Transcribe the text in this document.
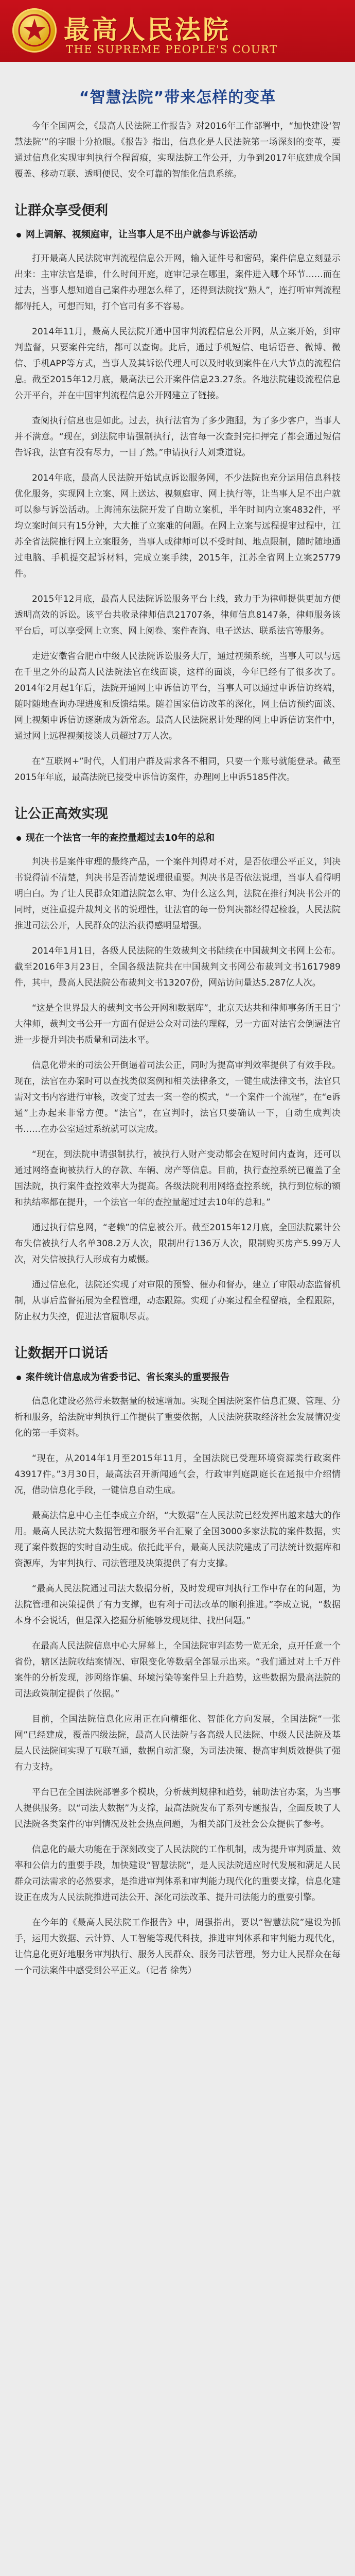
最高人民法院
THE SUPREME PEOPLE'S COURT
“智慧法院”带来怎样的变革

今年全国两会，《最高人民法院工作报告》对2016年工作部署中，“加快建设‘智慧法院’”的字眼十分抢眼。《报告》指出，信息化是人民法院第一场深刻的变革，要通过信息化实现审判执行全程留痕，实现法院工作公开，力争到2017年底建成全国覆盖、移动互联、透明便民、安全可靠的智能化信息系统。

让群众享受便利
网上调解、视频庭审，让当事人足不出户就参与诉讼活动

打开最高人民法院审判流程信息公开网，输入证件号和密码，案件信息立刻显示出来：主审法官是谁，什么时间开庭，庭审记录在哪里，案件进入哪个环节……而在过去，当事人想知道自己案件办理怎么样了，还得到法院找“熟人”，连打听审判流程都得托人，可想而知，打个官司有多不容易。

2014年11月，最高人民法院开通中国审判流程信息公开网，从立案开始，到审判监督，只要案件完结，都可以查询。此后，通过手机短信、电话语音、微博、微信、手机APP等方式，当事人及其诉讼代理人可以及时收到案件在八大节点的流程信息。截至2015年12月底，最高法已公开案件信息23.27条。各地法院建设流程信息公开平台，并在中国审判流程信息公开网建立了链接。

查阅执行信息也是如此。过去，执行法官为了多少跑腿，为了多少客户，当事人并不满意。“现在，到法院申请强制执行，法官每一次查封完扣押完了都会通过短信告诉我，法官有没有尽力，一目了然。”申请执行人刘秉道说。

2014年底，最高人民法院开始试点诉讼服务网，不少法院也充分运用信息科技优化服务，实现网上立案、网上送达、视频庭审、网上执行等，让当事人足不出户就可以参与诉讼活动。上海浦东法院开发了自助立案机，半年时间内立案4832件，平均立案时间只有15分钟，大大推了立案难的问题。在网上立案与远程提审过程中，江苏全省法院推行网上立案服务，当事人或律师可以不受时间、地点限制，随时随地通过电脑、手机提交起诉材料，完成立案手续，2015年，江苏全省网上立案25779件。

2015年12月底，最高人民法院诉讼服务平台上线，致力于为律师提供更加方便透明高效的诉讼。该平台共收录律师信息21707条，律师信息8147条，律师服务该平台后，可以享受网上立案、网上阅卷、案件查询、电子送达、联系法官等服务。

走进安徽省合肥市中级人民法院诉讼服务大厅，通过视频系统，当事人可以与远在千里之外的最高人民法院法官在线面谈，这样的面谈，今年已经有了很多次了。2014年2月起1年后，法院开通网上申诉信访平台，当事人可以通过申诉信访终端，随时随地查询办理进度和反馈结果。随着国家信访改革的深化，网上信访预约面谈、网上视频申诉信访逐渐成为新常态。最高人民法院累计处理的网上申诉信访案件中，通过网上远程视频接谈人员超过7万人次。

在“互联网+”时代，人们用户群及需求各不相同，只要一个账号就能登录。截至2015年年底，最高法院已接受申诉信访案件，办理网上申诉5185件次。

让公正高效实现
现在一个法官一年的查控量超过去10年的总和

判决书是案件审理的最终产品，一个案件判得对不对，是否依理公平正义，判决书说得清不清楚，判决书是否清楚说理很重要。判决书是否依法说理，当事人看得明明白白。为了让人民群众知道法院怎么审、为什么这么判，法院在推行判决书公开的同时，更注重提升裁判文书的说理性，让法官的每一份判决都经得起检验，人民法院推进司法公开，人民群众的法治获得感明显增强。

2014年1月1日，各级人民法院的生效裁判文书陆续在中国裁判文书网上公布。截至2016年3月23日，全国各级法院共在中国裁判文书网公布裁判文书1617989件，其中，最高人民法院公布裁判文书13207份，网站访问量达5.287亿人次。

“这是全世界最大的裁判文书公开网和数据库”，北京天达共和律师事务所王日宁大律师，裁判文书公开一方面有促进公众对司法的理解，另一方面对法官会倒逼法官进一步提升判决书质量和司法水平。

信息化带来的司法公开倒逼着司法公正，同时为提高审判效率提供了有效手段。现在，法官在办案时可以查找类似案例和相关法律条文，一键生成法律文书，法官只需对文书内容进行审核，改变了过去一案一卷的模式，“一个案件一个流程”，在“e诉通”上办起来非常方便。“法官”，在宣判时，法官只要确认一下，自动生成判决书……在办公室通过系统就可以完成。

“现在，到法院申请强制执行，被执行人财产变动都会在短时间内查询，还可以通过网络查询被执行人的存款、车辆、房产等信息。目前，执行查控系统已覆盖了全国法院，执行案件查控效率大为提高。各级法院利用网络查控系统，执行到位标的额和执结率都在提升，一个法官一年的查控量超过过去10年的总和。”

通过执行信息网，“老赖”的信息被公开。截至2015年12月底，全国法院累计公布失信被执行人名单308.2万人次，限制出行136万人次，限制购买房产5.99万人次，对失信被执行人形成有力威慑。

通过信息化，法院还实现了对审限的预警、催办和督办，建立了审限动态监督机制，从事后监督拓展为全程管理，动态跟踪。实现了办案过程全程留痕，全程跟踪，防止权力失控，促进法官履职尽责。

让数据开口说话
案件统计信息成为省委书记、省长案头的重要报告

信息化建设必然带来数据量的极速增加。实现全国法院案件信息汇聚、管理、分析和服务，给法院审判执行工作提供了重要依据，人民法院获取经济社会发展情况变化的第一手资料。

“现在，从2014年1月至2015年11月，全国法院已受理环境资源类行政案件43917件。”3月30日，最高法召开新闻通气会，行政审判庭副庭长在通报中介绍情况，借助信息化手段，一键信息自动生成。

最高法信息中心主任李成立介绍，“大数据”在人民法院已经发挥出越来越大的作用。最高人民法院大数据管理和服务平台汇聚了全国3000多家法院的案件数据，实现了案件数据的实时自动生成。依托此平台，最高人民法院建成了司法统计数据库和资源库，为审判执行、司法管理及决策提供了有力支撑。

“最高人民法院通过司法大数据分析，及时发现审判执行工作中存在的问题，为法院管理和决策提供了有力支撑，也有利于司法改革的顺利推进。”李成立说，“数据本身不会说话，但是深入挖掘分析能够发现规律、找出问题。”

在最高人民法院信息中心大屏幕上，全国法院审判态势一览无余，点开任意一个省份，辖区法院收结案情况、审限变化等数据全部显示出来。“我们通过对上千万件案件的分析发现，涉网络诈骗、环境污染等案件呈上升趋势，这些数据为最高法院的司法政策制定提供了依据。”

目前，全国法院信息化应用正在向精细化、智能化方向发展，全国法院“一张网”已经建成，覆盖四级法院，最高人民法院与各高级人民法院、中级人民法院及基层人民法院间实现了互联互通，数据自动汇聚，为司法决策、提高审判质效提供了强有力支持。

平台已在全国法院部署多个模块，分析裁判规律和趋势，辅助法官办案，为当事人提供服务。以“司法大数据”为支撑，最高法院发布了系列专题报告，全面反映了人民法院各类案件的审判情况及社会热点问题，为相关部门及社会公众提供了参考。

信息化的最大功能在于深刻改变了人民法院的工作机制，成为提升审判质量、效率和公信力的重要手段，加快建设“智慧法院”，是人民法院适应时代发展和满足人民群众司法需求的必然要求，是推进审判体系和审判能力现代化的重要支撑，信息化建设正在成为人民法院推进司法公开、深化司法改革、提升司法能力的重要引擎。

在今年的《最高人民法院工作报告》中，周强指出，要以“智慧法院”建设为抓手，运用大数据、云计算、人工智能等现代科技，推进审判体系和审判能力现代化，让信息化更好地服务审判执行、服务人民群众、服务司法管理，努力让人民群众在每一个司法案件中感受到公平正义。（记者 徐隽）
